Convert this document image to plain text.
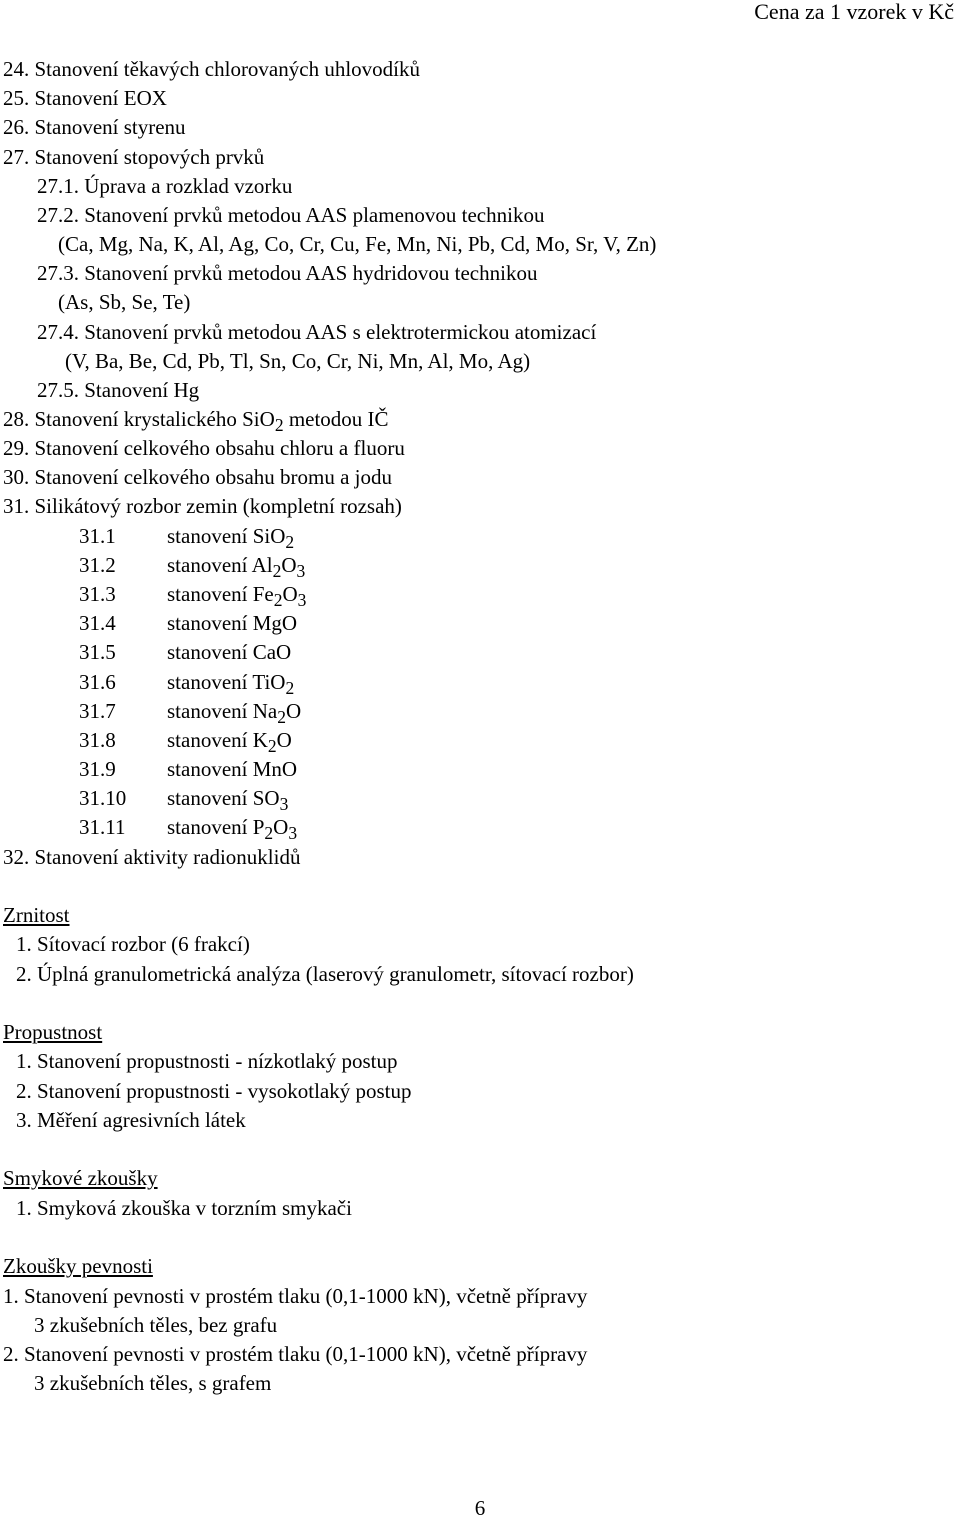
Cena za 1 vzorek v Kč
24. Stanovení těkavých chlorovaných uhlovodíků
25. Stanovení EOX
26. Stanovení styrenu
27. Stanovení stopových prvků
27.1. Úprava a rozklad vzorku
27.2. Stanovení prvků metodou AAS plamenovou technikou
(Ca, Mg, Na, K, Al, Ag, Co, Cr, Cu, Fe, Mn, Ni, Pb, Cd, Mo, Sr, V, Zn)
27.3. Stanovení prvků metodou AAS hydridovou technikou
(As, Sb, Se, Te)
27.4. Stanovení prvků metodou AAS s elektrotermickou atomizací
(V, Ba, Be, Cd, Pb, Tl, Sn, Co, Cr, Ni, Mn, Al, Mo, Ag)
27.5. Stanovení Hg
28. Stanovení krystalického SiO$_2$ metodou IČ
29. Stanovení celkového obsahu chloru a fluoru
30. Stanovení celkového obsahu bromu a jodu
31. Silikátový rozbor zemin (kompletní rozsah)
31.1 stanovení SiO$_2$
31.2 stanovení $Al_2O_3$
31.3 stanovení $Fe_2O_3$
31.4 stanovení MgO
31.5 stanovení CaO
31.6 stanovení TiO$_2$
31.7 stanovení $Na_2O$
31.8 stanovení $K_2O$
31.9 stanovení MnO
31.10 stanovení $SO_3$
31.11 stanovení $P_2O_3$
32. Stanovení aktivity radionuklidů
Zrnitost
1. Sítovací rozbor (6 frakcí)
2. Úplná granulometrická analýza (laserový granulometr, sítovací rozbor)
Propustnost
1. Stanovení propustnosti - nízkotlaký postup
2. Stanovení propustnosti - vysokotlaký postup
3. Měření agresivních látek
Smykové zkoušky
1. Smyková zkouška v torzním smykači
Zkoušky pevnosti
1. Stanovení pevnosti v prostém tlaku (0,1-1000 kN), včetně přípravy
3 zkušebních těles, bez grafu
2. Stanovení pevnosti v prostém tlaku (0,1-1000 kN), včetně přípravy
3 zkušebních těles, s grafem
6
